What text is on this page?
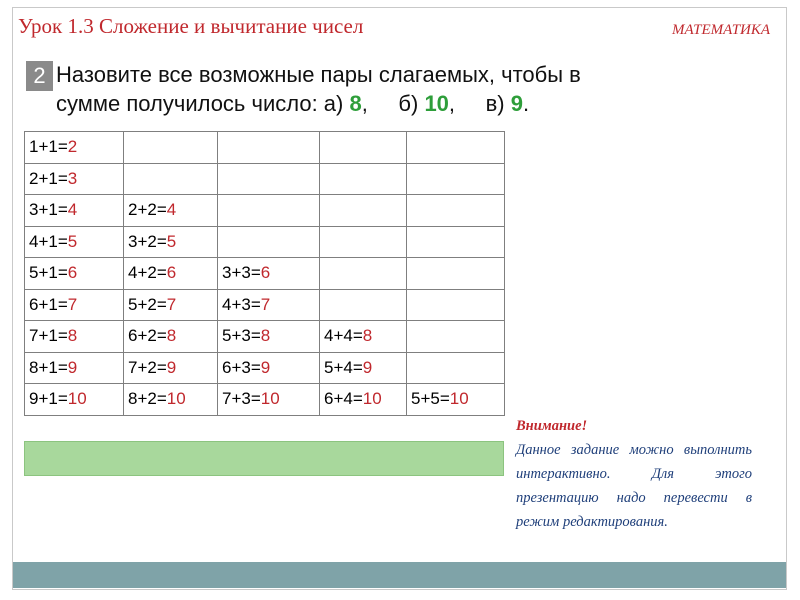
Урок 1.3 Сложение и вычитание чисел	МАТЕМАТИКА
2 Назовите все возможные пары слагаемых, чтобы в
сумме получилось число: а) 8,     б) 10,     в) 9.
1+1=2				
2+1=3				
3+1=4	2+2=4			
4+1=5	3+2=5			
5+1=6	4+2=6	3+3=6		
6+1=7	5+2=7	4+3=7		
7+1=8	6+2=8	5+3=8	4+4=8	
8+1=9	7+2=9	6+3=9	5+4=9	
9+1=10	8+2=10	7+3=10	6+4=10	5+5=10
Внимание!
Данное задание можно выполнить интерактивно. Для этого презентацию надо перевести в режим редактирования.
